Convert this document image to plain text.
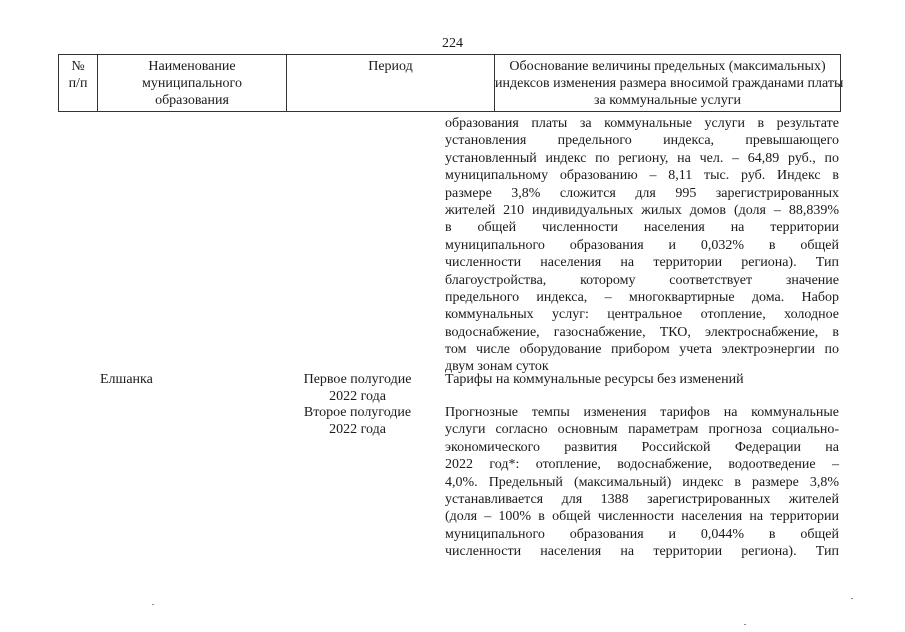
224
№
п/п
Наименование
муниципального
образования
Период	Обоснование величины предельных (максимальных)
индексов изменения размера вносимой гражданами платы
за коммунальные услуги
образования платы за коммунальные услуги в результате
установления предельного индекса, превышающего
установленный индекс по региону, на чел. – 64,89 руб., по
муниципальному образованию – 8,11 тыс. руб. Индекс в
размере 3,8% сложится для 995 зарегистрированных
жителей 210 индивидуальных жилых домов (доля – 88,839%
в общей численности населения на территории
муниципального образования и 0,032% в общей
численности населения на территории региона). Тип
благоустройства, которому соответствует значение
предельного индекса, – многоквартирные дома. Набор
коммунальных услуг: центральное отопление, холодное
водоснабжение, газоснабжение, ТКО, электроснабжение, в
том числе оборудование прибором учета электроэнергии по
двум зонам суток
Елшанка	Первое полугодие
2022 года
Тарифы на коммунальные ресурсы без изменений
Второе полугодие
2022 года
Прогнозные темпы изменения тарифов на коммунальные
услуги согласно основным параметрам прогноза социально-
экономического развития Российской Федерации на
2022 год*: отопление, водоснабжение, водоотведение –
4,0%. Предельный (максимальный) индекс в размере 3,8%
устанавливается для 1388 зарегистрированных жителей
(доля – 100% в общей численности населения на территории
муниципального образования и 0,044% в общей
численности населения на территории региона). Тип
